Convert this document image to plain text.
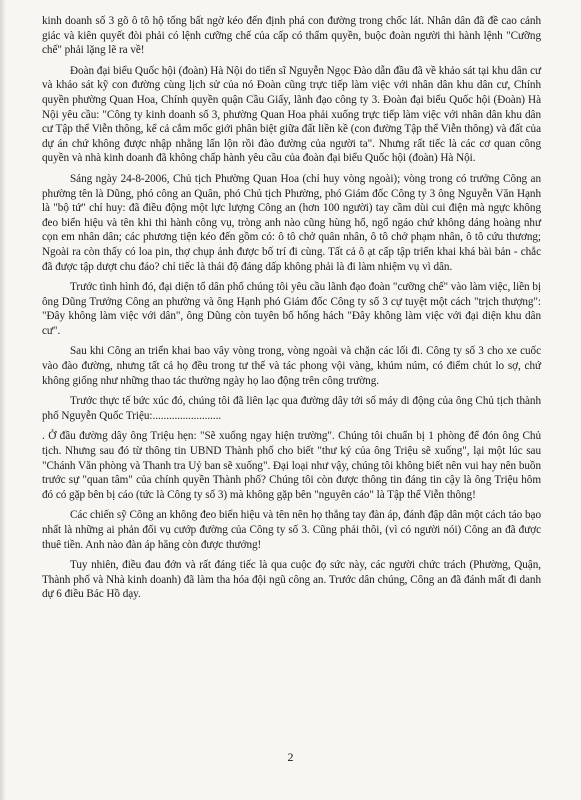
kinh doanh số 3 gõ ô tô hộ tống bất ngờ kéo đến định phá con đường trong chốc lát. Nhân dân đã đề cao cảnh giác và kiên quyết đòi phải có lệnh cưỡng chế của cấp có thẩm quyền, buộc đoàn người thi hành lệnh "Cưỡng chế" phải lặng lẽ ra về!

Đoàn đại biểu Quốc hội (đoàn) Hà Nội do tiến sĩ Nguyễn Ngọc Đào dẫn đầu đã về khảo sát tại khu dân cư và khảo sát kỹ con đường cùng lịch sử của nó Đoàn cũng trực tiếp làm việc với nhân dân khu dân cư, Chính quyền phường Quan Hoa, Chính quyền quận Cầu Giấy, lãnh đạo công ty 3. Đoàn đại biểu Quốc hội (Đoàn) Hà Nội yêu cầu: "Công ty kinh doanh số 3, phường Quan Hoa phải xuống trực tiếp làm việc với nhân dân khu dân cư Tập thể Viễn thông, kể cả cắm mốc giới phân biệt giữa đất liền kề (con đường Tập thể Viễn thông) và đất của dự án chứ không được nhập nhằng lấn lộn rồi đào đường của người ta". Nhưng rất tiếc là các cơ quan công quyền và nhà kinh doanh đã không chấp hành yêu cầu của đoàn đại biểu Quốc hội (đoàn) Hà Nội.

Sáng ngày 24-8-2006, Chủ tịch Phường Quan Hoa (chỉ huy vòng ngoài); vòng trong có trưởng Công an phường tên là Dũng, phó công an Quân, phó Chủ tịch Phường, phó Giám đốc Công ty 3 ông Nguyễn Văn Hạnh là "bộ tứ" chỉ huy: đã điều động một lực lượng Công an (hơn 100 người) tay cầm dùi cui điện mà ngực không đeo biển hiệu và tên khi thi hành công vụ, tròng anh nào cũng hùng hổ, ngổ ngáo chứ không dáng hoàng như cọn em nhân dân; các phương tiện kéo đến gồm có: ô tô chở quân nhân, ô tô chở phạm nhân, ô tô cứu thương; Ngoài ra còn thấy có loa pin, thợ chụp ảnh được bố trí đi cùng. Tất cả ô ạt cấp tập triển khai khá bài bản - chắc đã được tập dượt chu đáo? chỉ tiếc là thái độ đáng dấp không phải là đi làm nhiệm vụ vì dân.

Trước tình hình đó, đại diện tổ dân phố chúng tôi yêu cầu lãnh đạo đoàn "cưỡng chế" vào làm việc, liền bị ông Dũng Trưởng Công an phường và ông Hạnh phó Giám đốc Công ty số 3 cự tuyệt một cách "trịch thượng": "Đây không làm việc với dân", ông Dũng còn tuyên bố hống hách "Đây không làm việc với đại diện khu dân cư".

Sau khi Công an triển khai bao vây vòng trong, vòng ngoài và chặn các lối đi. Công ty số 3 cho xe cuốc vào đào đường, nhưng tất cả họ đều trong tư thế và tác phong vội vàng, khúm núm, có điểm chút lo sợ, chứ không giống như những thao tác thường ngày họ lao động trên công trường.

Trước thực tế bức xúc đó, chúng tôi đã liên lạc qua đường dây tới số máy di động của ông Chủ tịch thành phố Nguyễn Quốc Triệu:.........................

. Ở đầu đường dây ông Triệu hẹn: "Sẽ xuống ngay hiện trường". Chúng tôi chuẩn bị 1 phòng để đón ông Chủ tịch. Nhưng sau đó từ thông tin UBND Thành phố cho biết "thư ký của ông Triệu sẽ xuống", lại một lúc sau "Chánh Văn phòng và Thanh tra Uỷ ban sẽ xuống". Đại loại như vậy, chúng tôi không biết nên vui hay nên buồn trước sự "quan tâm" của chính quyền Thành phố? Chúng tôi còn được thông tin đáng tin cậy là ông Triệu hôm đó có gặp bên bị cáo (tức là Công ty số 3) mà không gặp bên "nguyên cáo" là Tập thể Viễn thông!

Các chiến sỹ Công an không đeo biển hiệu và tên nên họ thẳng tay đàn áp, đánh đập dân một cách táo bạo nhất là những ai phản đối vụ cướp đường của Công ty số 3. Cũng phải thôi, (vì có người nói) Công an đã được thuê tiền. Anh nào đàn áp hăng còn được thưởng!

Tuy nhiên, điều đau đớn và rất đáng tiếc là qua cuộc đọ sức này, các người chức trách (Phường, Quận, Thành phố và Nhà kinh doanh) đã làm tha hóa đội ngũ công an. Trước dân chúng, Công an đã đánh mất đi danh dự 6 điều Bác Hồ dạy.

2
